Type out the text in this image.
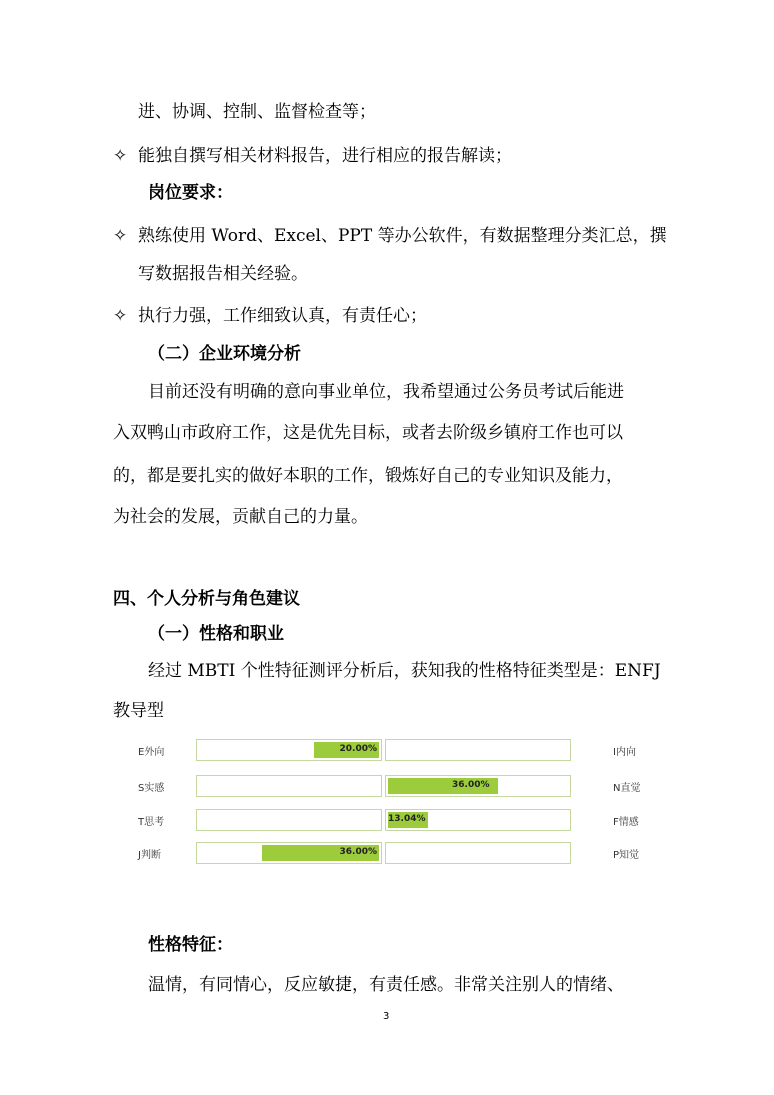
进、协调、控制、监督检查等；
✧ 能独自撰写相关材料报告，进行相应的报告解读；
岗位要求：
✧ 熟练使用 Word、Excel、PPT 等办公软件，有数据整理分类汇总，撰
写数据报告相关经验。
✧ 执行力强，工作细致认真，有责任心；
（二）企业环境分析
目前还没有明确的意向事业单位，我希望通过公务员考试后能进
入双鸭山市政府工作，这是优先目标，或者去阶级乡镇府工作也可以
的，都是要扎实的做好本职的工作，锻炼好自己的专业知识及能力，
为社会的发展，贡献自己的力量。
四、个人分析与角色建议
（一）性格和职业
经过 MBTI 个性特征测评分析后，获知我的性格特征类型是：ENFJ
教导型
E外向	20.00%	I内向
S实感	36.00%	N直觉
T思考	13.04%	F情感
J判断	36.00%	P知觉
性格特征：
温情，有同情心，反应敏捷，有责任感。非常关注别人的情绪、
3
